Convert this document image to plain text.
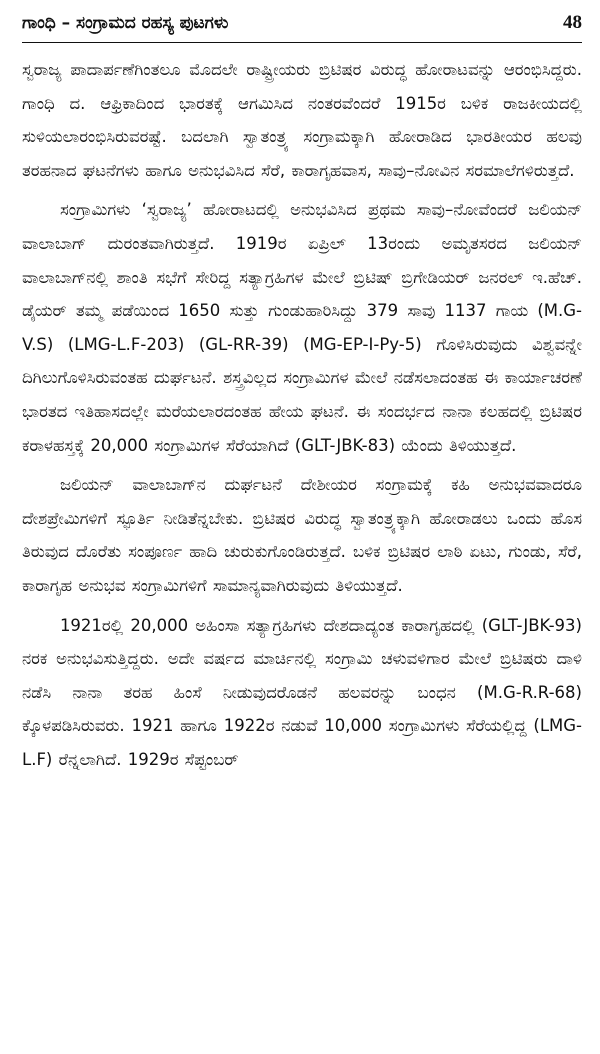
ಗಾಂಧಿ – ಸಂಗ್ರಾಮದ ರಹಸ್ಯ ಪುಟಗಳು	48

ಸ್ವರಾಜ್ಯ ಪಾದಾರ್ಪಣೆಗಿಂತಲೂ ಮೊದಲೇ ರಾಷ್ಟ್ರೀಯರು ಬ್ರಿಟಿಷರ ವಿರುದ್ಧ ಹೋರಾಟವನ್ನು ಆರಂಭಿಸಿದ್ದರು. ಗಾಂಧಿ ದ. ಆಫ್ರಿಕಾದಿಂದ ಭಾರತಕ್ಕೆ ಆಗಮಿಸಿದ ನಂತರವೆಂದರೆ 1915ರ ಬಳಿಕ ರಾಜಕೀಯದಲ್ಲಿ ಸುಳಿಯಲಾರಂಭಿಸಿರುವರಷ್ಟೆ. ಬದಲಾಗಿ ಸ್ವಾತಂತ್ರ್ಯ ಸಂಗ್ರಾಮಕ್ಕಾಗಿ ಹೋರಾಡಿದ ಭಾರತೀಯರ ಹಲವು ತರಹನಾದ ಘಟನೆಗಳು ಹಾಗೂ ಅನುಭವಿಸಿದ ಸೆರೆ, ಕಾರಾಗೃಹವಾಸ, ಸಾವು–ನೋವಿನ ಸರಮಾಲೆಗಳಿರುತ್ತದೆ.

ಸಂಗ್ರಾಮಿಗಳು ‘ಸ್ವರಾಜ್ಯ’ ಹೋರಾಟದಲ್ಲಿ ಅನುಭವಿಸಿದ ಪ್ರಥಮ ಸಾವು–ನೋವೆಂದರೆ ಜಲಿಯನ್ ವಾಲಾಬಾಗ್ ದುರಂತವಾಗಿರುತ್ತದೆ. 1919ರ ಏಪ್ರಿಲ್ 13ರಂದು ಅಮೃತಸರದ ಜಲಿಯನ್ ವಾಲಾಬಾಗ್‌ನಲ್ಲಿ ಶಾಂತಿ ಸಭೆಗೆ ಸೇರಿದ್ದ ಸತ್ಯಾಗ್ರಹಿಗಳ ಮೇಲೆ ಬ್ರಿಟಿಷ್ ಬ್ರಿಗೇಡಿಯರ್ ಜನರಲ್ ಇ.ಹೆಚ್. ಡೈಯರ್ ತಮ್ಮ ಪಡೆಯಿಂದ 1650 ಸುತ್ತು ಗುಂಡುಹಾರಿಸಿದ್ದು 379 ಸಾವು 1137 ಗಾಯ (M.G-V.S) (LMG-L.F-203) (GL-RR-39) (MG-EP-I-Py-5) ಗೊಳಿಸಿರುವುದು ವಿಶ್ವವನ್ನೇ ದಿಗಿಲುಗೊಳಿಸಿರುವಂತಹ ದುರ್ಘಟನೆ. ಶಸ್ತ್ರವಿಲ್ಲದ ಸಂಗ್ರಾಮಿಗಳ ಮೇಲೆ ನಡೆಸಲಾದಂತಹ ಈ ಕಾರ್ಯಾಚರಣೆ ಭಾರತದ ಇತಿಹಾಸದಲ್ಲೇ ಮರೆಯಲಾರದಂತಹ ಹೇಯ ಘಟನೆ. ಈ ಸಂದರ್ಭದ ನಾನಾ ಕಲಹದಲ್ಲಿ ಬ್ರಿಟಿಷರ ಕರಾಳಹಸ್ತಕ್ಕೆ 20,000 ಸಂಗ್ರಾಮಿಗಳ ಸೆರೆಯಾಗಿದೆ (GLT-JBK-83) ಯೆಂದು ತಿಳಿಯುತ್ತದೆ.

ಜಲಿಯನ್ ವಾಲಾಬಾಗ್‌ನ ದುರ್ಘಟನೆ ದೇಶೀಯರ ಸಂಗ್ರಾಮಕ್ಕೆ ಕಹಿ ಅನುಭವವಾದರೂ ದೇಶಪ್ರೇಮಿಗಳಿಗೆ ಸ್ಫೂರ್ತಿ ನೀಡಿತೆನ್ನಬೇಕು. ಬ್ರಿಟಿಷರ ವಿರುದ್ಧ ಸ್ವಾತಂತ್ರ್ಯಕ್ಕಾಗಿ ಹೋರಾಡಲು ಒಂದು ಹೊಸ ತಿರುವುದ ದೊರೆತು ಸಂಪೂರ್ಣ ಹಾದಿ ಚುರುಕುಗೊಂಡಿರುತ್ತದೆ. ಬಳಿಕ ಬ್ರಿಟಿಷರ ಲಾಠಿ ಏಟು, ಗುಂಡು, ಸೆರೆ, ಕಾರಾಗೃಹ ಅನುಭವ ಸಂಗ್ರಾಮಿಗಳಿಗೆ ಸಾಮಾನ್ಯವಾಗಿರುವುದು ತಿಳಿಯುತ್ತದೆ.

1921ರಲ್ಲಿ 20,000 ಅಹಿಂಸಾ ಸತ್ಯಾಗ್ರಹಿಗಳು ದೇಶದಾದ್ಯಂತ ಕಾರಾಗೃಹದಲ್ಲಿ (GLT-JBK-93) ನರಕ ಅನುಭವಿಸುತ್ತಿದ್ದರು. ಅದೇ ವರ್ಷದ ಮಾರ್ಚಿನಲ್ಲಿ ಸಂಗ್ರಾಮಿ ಚಳುವಳಿಗಾರ ಮೇಲೆ ಬ್ರಿಟಿಷರು ದಾಳಿ ನಡೆಸಿ ನಾನಾ ತರಹ ಹಿಂಸೆ ನೀಡುವುದರೊಡನೆ ಹಲವರನ್ನು ಬಂಧನ (M.G-R.R-68) ಕ್ಕೊಳಪಡಿಸಿರುವರು. 1921 ಹಾಗೂ 1922ರ ನಡುವೆ 10,000 ಸಂಗ್ರಾಮಿಗಳು ಸೆರೆಯಲ್ಲಿದ್ದ (LMG-L.F) ರೆನ್ನಲಾಗಿದೆ. 1929ರ ಸೆಪ್ಟಂಬರ್
